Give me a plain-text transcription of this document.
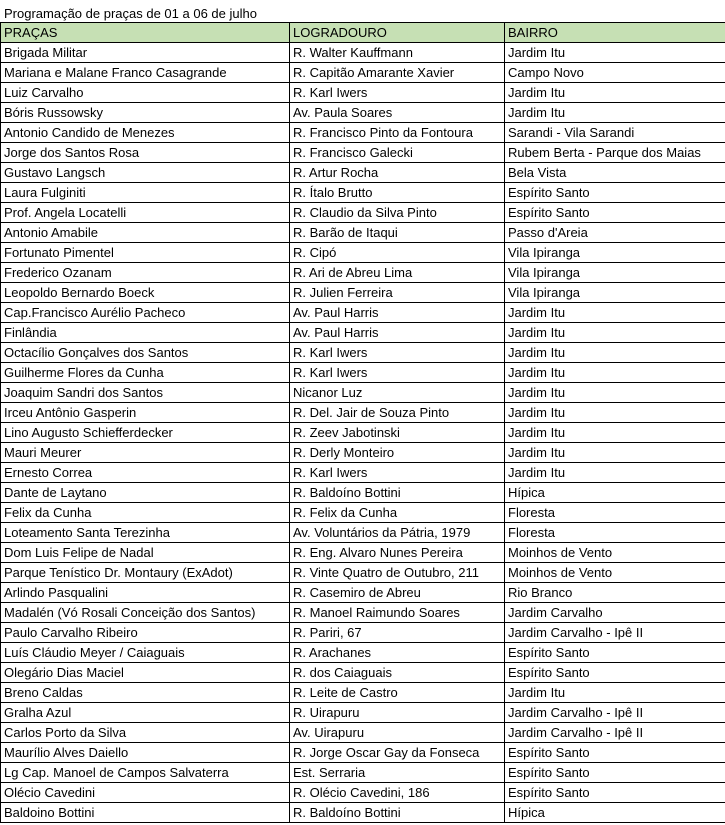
Programação de praças de 01 a 06 de julho
PRAÇAS	LOGRADOURO	BAIRRO
Brigada Militar	R. Walter Kauffmann	Jardim Itu
Mariana e Malane Franco Casagrande	R. Capitão Amarante Xavier	Campo Novo
Luiz Carvalho	R. Karl Iwers	Jardim Itu
Bóris Russowsky	Av. Paula Soares	Jardim Itu
Antonio Candido de Menezes	R. Francisco Pinto da Fontoura	Sarandi - Vila Sarandi
Jorge dos Santos Rosa	R. Francisco Galecki	Rubem Berta - Parque dos Maias
Gustavo Langsch	R. Artur Rocha	Bela Vista
Laura Fulginiti	R. Ítalo Brutto	Espírito Santo
Prof. Angela Locatelli	R. Claudio da Silva Pinto	Espírito Santo
Antonio Amabile	R. Barão de Itaqui	Passo d'Areia
Fortunato Pimentel	R. Cipó	Vila Ipiranga
Frederico Ozanam	R. Ari de Abreu Lima	Vila Ipiranga
Leopoldo Bernardo Boeck	R. Julien Ferreira	Vila Ipiranga
Cap.Francisco Aurélio Pacheco	Av. Paul Harris	Jardim Itu
Finlândia	Av. Paul Harris	Jardim Itu
Octacílio Gonçalves dos Santos	R. Karl Iwers	Jardim Itu
Guilherme Flores da Cunha	R. Karl Iwers	Jardim Itu
Joaquim Sandri dos Santos	Nicanor Luz	Jardim Itu
Irceu Antônio Gasperin	R. Del. Jair de Souza Pinto	Jardim Itu
Lino Augusto Schiefferdecker	R. Zeev Jabotinski	Jardim Itu
Mauri Meurer	R. Derly Monteiro	Jardim Itu
Ernesto Correa	R. Karl Iwers	Jardim Itu
Dante de Laytano	R. Baldoíno Bottini	Hípica
Felix da Cunha	R. Felix da Cunha	Floresta
Loteamento Santa Terezinha	Av. Voluntários da Pátria, 1979	Floresta
Dom Luis Felipe de Nadal	R. Eng. Alvaro Nunes Pereira	Moinhos de Vento
Parque Tenístico Dr. Montaury (ExAdot)	R. Vinte Quatro de Outubro, 211	Moinhos de Vento
Arlindo Pasqualini	R. Casemiro de Abreu	Rio Branco
Madalén (Vó Rosali Conceição dos Santos)	R. Manoel Raimundo Soares	Jardim Carvalho
Paulo Carvalho Ribeiro	R. Pariri, 67	Jardim Carvalho - Ipê II
Luís Cláudio Meyer / Caiaguais	R. Arachanes	Espírito Santo
Olegário Dias Maciel	R. dos Caiaguais	Espírito Santo
Breno Caldas	R. Leite de Castro	Jardim Itu
Gralha Azul	R. Uirapuru	Jardim Carvalho - Ipê II
Carlos Porto da Silva	Av. Uirapuru	Jardim Carvalho - Ipê II
Maurílio Alves Daiello	R. Jorge Oscar Gay da Fonseca	Espírito Santo
Lg Cap. Manoel de Campos Salvaterra	Est. Serraria	Espírito Santo
Olécio Cavedini	R. Olécio Cavedini, 186	Espírito Santo
Baldoino Bottini	R. Baldoíno Bottini	Hípica
